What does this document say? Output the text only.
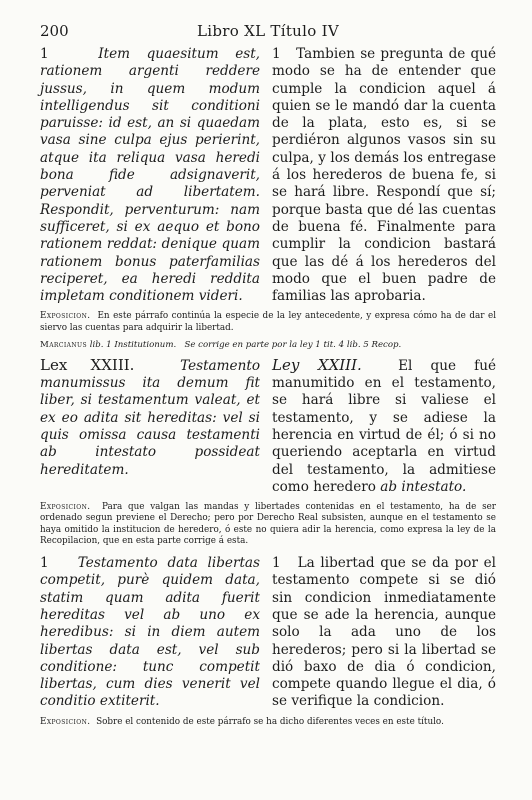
200	Libro XL Título IV
1	Item quaesitum est, rationem argenti reddere jussus, in quem modum intelligendus sit conditioni paruisse: id est, an si quaedam vasa sine culpa ejus perierint, atque ita reliqua vasa heredi bona fide adsignaverit, perveniat ad libertatem. Respondit, perventurum: nam sufficeret, si ex aequo et bono rationem reddat: denique quam rationem bonus paterfamilias reciperet, ea heredi reddita impletam conditionem videri.
1 Tambien se pregunta de qué modo se ha de entender que cumple la condicion aquel á quien se le mandó dar la cuenta de la plata, esto es, si se perdiéron algunos vasos sin su culpa, y los demás los entregase á los herederos de buena fe, si se hará libre. Respondí que sí; porque basta que dé las cuentas de buena fé. Finalmente para cumplir la condicion bastará que las dé á los herederos del modo que el buen padre de familias las aprobaria.
Exposicion. En este párrafo continúa la especie de la ley antecedente, y expresa cómo ha de dar el siervo las cuentas para adquirir la libertad.
Marcianus lib. 1 Institutionum. Se corrige en parte por la ley 1 tit. 4 lib. 5 Recop.
Lex XXIII.	Testamento manumissus ita demum fit liber, si testamentum valeat, et ex eo adita sit hereditas: vel si quis omissa causa testamenti ab intestato possideat hereditatem.
Ley XXIII.	El que fué manumitido en el testamento, se hará libre si valiese el testamento, y se adiese la herencia en virtud de él; ó si no queriendo aceptarla en virtud del testamento, la admitiese como heredero ab intestato.
Exposicion. Para que valgan las mandas y libertades contenidas en el testamento, ha de ser ordenado segun previene el Derecho; pero por Derecho Real subsisten, aunque en el testamento se haya omitido la institucion de heredero, ó este no quiera adir la herencia, como expresa la ley de la Recopilacion, que en esta parte corrige á esta.
1 Testamento data libertas competit, purè quidem data, statim quam adita fuerit hereditas vel ab uno ex heredibus: si in diem autem libertas data est, vel sub conditione: tunc competit libertas, cum dies venerit vel conditio extiterit.
1 La libertad que se da por el testamento compete si se dió sin condicion inmediatamente que se ade la herencia, aunque solo la ada uno de los herederos; pero si la libertad se dió baxo de dia ó condicion, compete quando llegue el dia, ó se verifique la condicion.
Exposicion. Sobre el contenido de este párrafo se ha dicho diferentes veces en este título.
